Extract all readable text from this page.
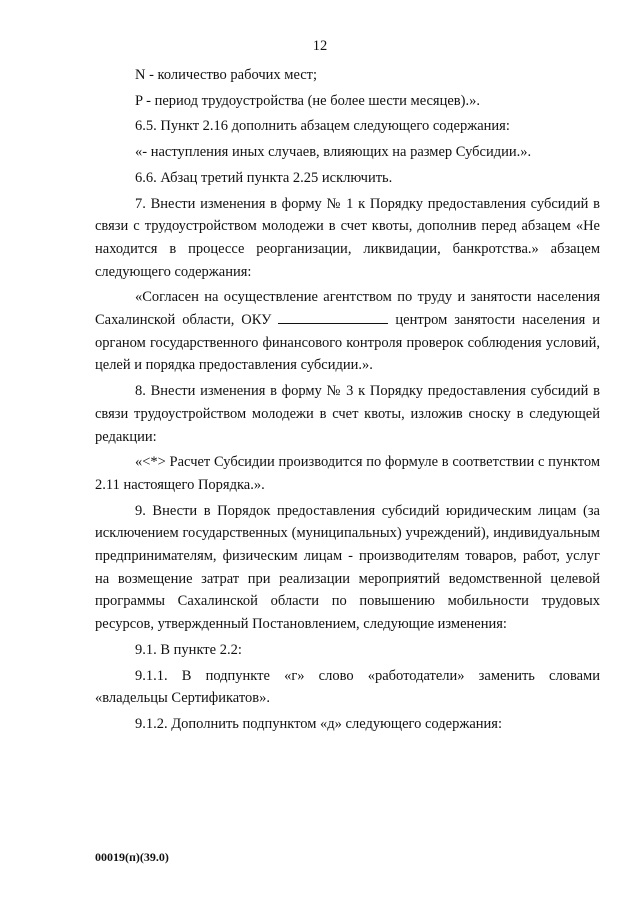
12

N - количество рабочих мест;

P - период трудоустройства (не более шести месяцев).».

6.5. Пункт 2.16 дополнить абзацем следующего содержания:

«- наступления иных случаев, влияющих на размер Субсидии.».

6.6. Абзац третий пункта 2.25 исключить.

7. Внести изменения в форму № 1 к Порядку предоставления субсидий в связи с трудоустройством молодежи в счет квоты, дополнив перед абзацем «Не находится в процессе реорганизации, ликвидации, банкротства.» абзацем следующего содержания:

«Согласен на осуществление агентством по труду и занятости населения Сахалинской области, ОКУ	центром занятости населения и органом государственного финансового контроля проверок соблюдения условий, целей и порядка предоставления субсидии.».

8. Внести изменения в форму № 3 к Порядку предоставления субсидий в связи трудоустройством молодежи в счет квоты, изложив сноску в следующей редакции:

«<*> Расчет Субсидии производится по формуле в соответствии с пунктом 2.11 настоящего Порядка.».

9. Внести в Порядок предоставления субсидий юридическим лицам (за исключением государственных (муниципальных) учреждений), индивидуальным предпринимателям, физическим лицам - производителям товаров, работ, услуг на возмещение затрат при реализации мероприятий ведомственной целевой программы Сахалинской области по повышению мобильности трудовых ресурсов, утвержденный Постановлением, следующие изменения:

9.1. В пункте 2.2:

9.1.1. В подпункте «г» слово «работодатели» заменить словами «владельцы Сертификатов».

9.1.2. Дополнить подпунктом «д» следующего содержания:

00019(п)(39.0)
